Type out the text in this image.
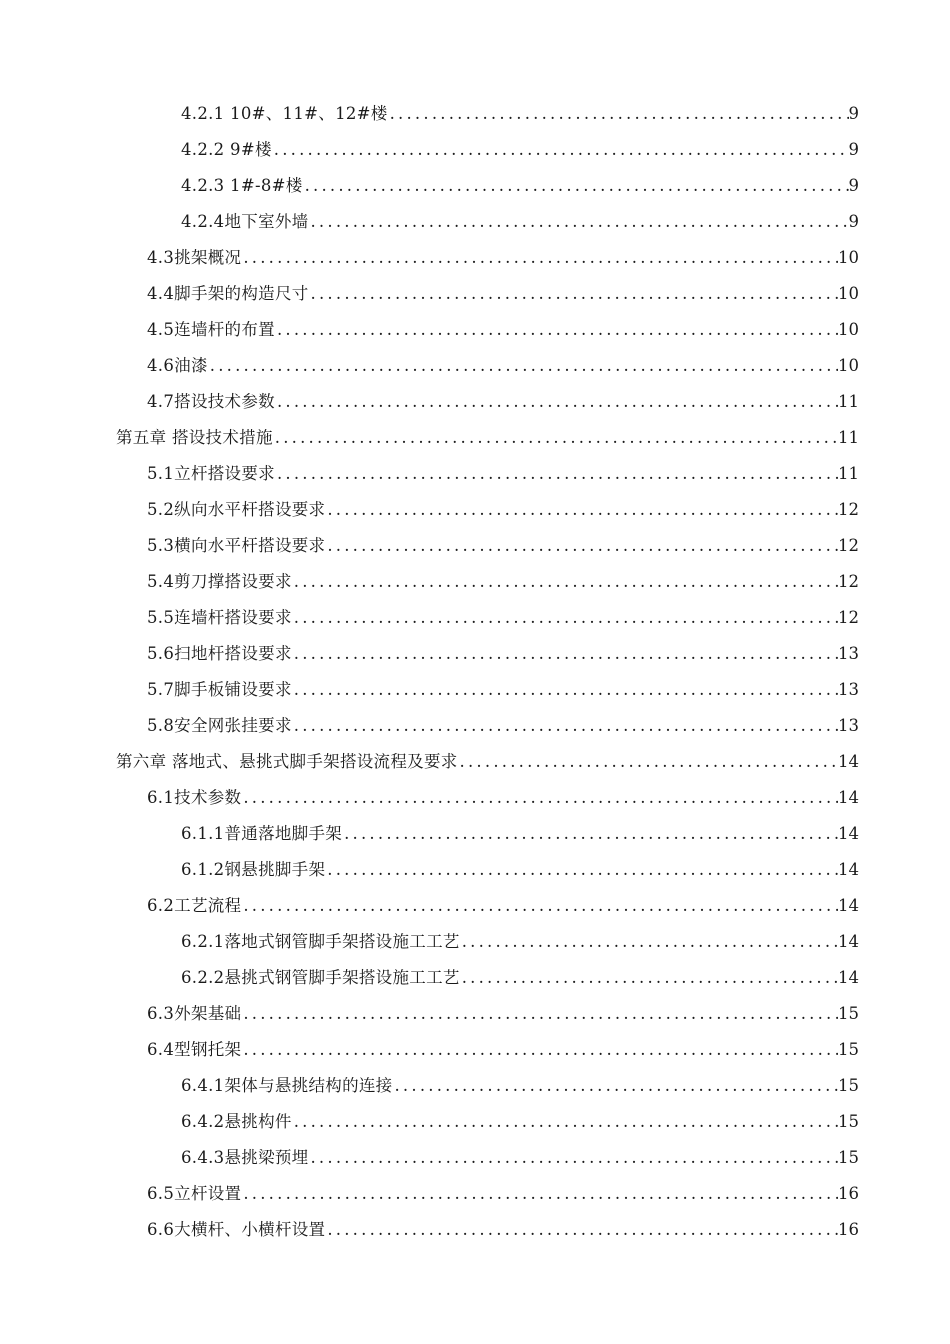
4.2.1 10#、11#、12#楼 .....	9
4.2.2 9#楼 .....	9
4.2.3 1#-8#楼 .....	9
4.2.4地下室外墙 .....	9
4.3挑架概况 .....	10
4.4脚手架的构造尺寸 .....	10
4.5连墙杆的布置 .....	10
4.6油漆 .....	10
4.7搭设技术参数 .....	11
第五章 搭设技术措施 .....	11
5.1立杆搭设要求 .....	11
5.2纵向水平杆搭设要求 .....	12
5.3横向水平杆搭设要求 .....	12
5.4剪刀撑搭设要求 .....	12
5.5连墙杆搭设要求 .....	12
5.6扫地杆搭设要求 .....	13
5.7脚手板铺设要求 .....	13
5.8安全网张挂要求 .....	13
第六章 落地式、悬挑式脚手架搭设流程及要求 .....	14
6.1技术参数 .....	14
6.1.1普通落地脚手架 .....	14
6.1.2钢悬挑脚手架 .....	14
6.2工艺流程 .....	14
6.2.1落地式钢管脚手架搭设施工工艺 .....	14
6.2.2悬挑式钢管脚手架搭设施工工艺 .....	14
6.3外架基础 .....	15
6.4型钢托架 .....	15
6.4.1架体与悬挑结构的连接 .....	15
6.4.2悬挑构件 .....	15
6.4.3悬挑梁预埋 .....	15
6.5立杆设置 .....	16
6.6大横杆、小横杆设置 .....	16
